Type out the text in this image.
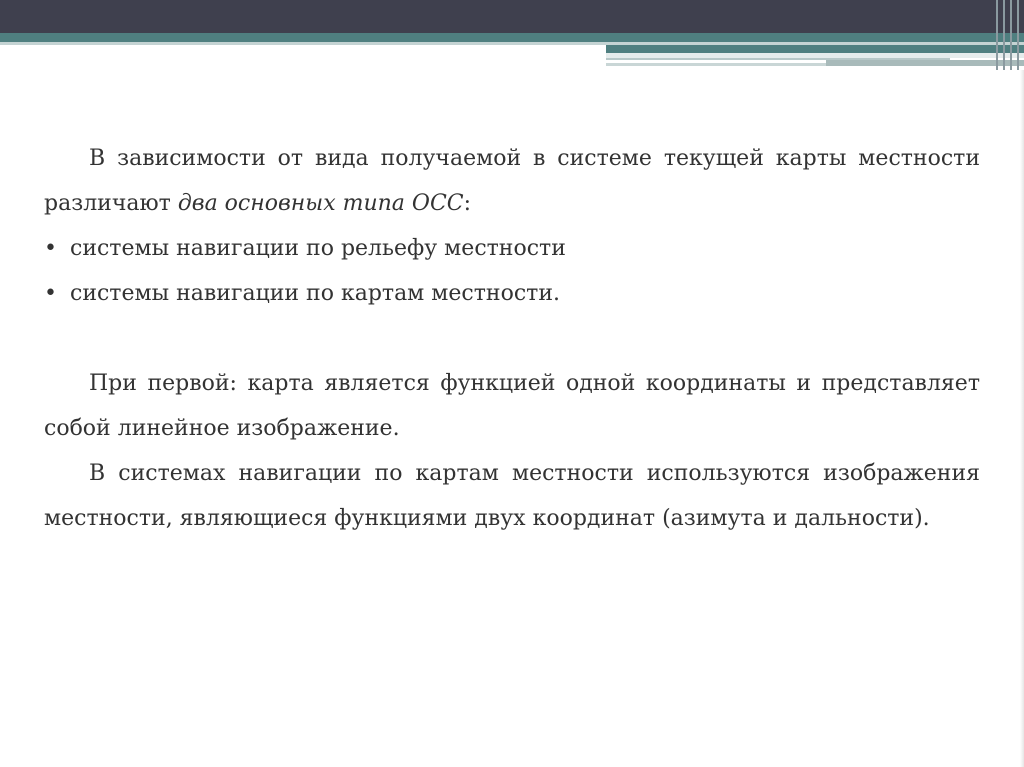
В зависимости от вида получаемой в системе текущей карты местности различают два основных типа ОСС:

• системы навигации по рельефу местности
• системы навигации по картам местности.

При первой: карта является функцией одной координаты и представляет собой линейное изображение.

В системах навигации по картам местности используются изображения местности, являющиеся функциями двух координат (азимута и дальности).
